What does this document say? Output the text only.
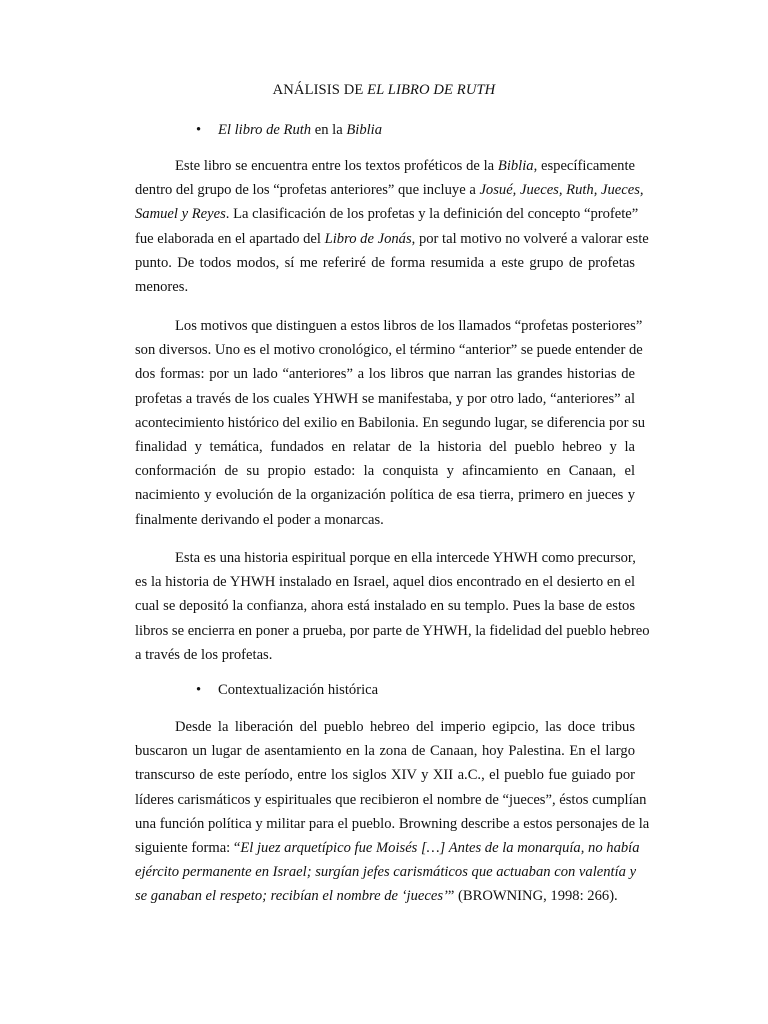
ANÁLISIS DE EL LIBRO DE RUTH
•	El libro de Ruth en la Biblia
Este libro se encuentra entre los textos proféticos de la Biblia, específicamente
dentro del grupo de los “profetas anteriores” que incluye a Josué, Jueces, Ruth, Jueces,
Samuel y Reyes. La clasificación de los profetas y la definición del concepto “profete”
fue elaborada en el apartado del Libro de Jonás, por tal motivo no volveré a valorar este
punto. De todos modos, sí me referiré de forma resumida a este grupo de profetas
menores.
Los motivos que distinguen a estos libros de los llamados “profetas posteriores”
son diversos. Uno es el motivo cronológico, el término “anterior” se puede entender de
dos formas: por un lado “anteriores” a los libros que narran las grandes historias de
profetas a través de los cuales YHWH se manifestaba, y por otro lado, “anteriores” al
acontecimiento histórico del exilio en Babilonia. En segundo lugar, se diferencia por su
finalidad y temática, fundados en relatar de la historia del pueblo hebreo y la
conformación de su propio estado: la conquista y afincamiento en Canaan, el
nacimiento y evolución de la organización política de esa tierra, primero en jueces y
finalmente derivando el poder a monarcas.
Esta es una historia espiritual porque en ella intercede YHWH como precursor,
es la historia de YHWH instalado en Israel, aquel dios encontrado en el desierto en el
cual se depositó la confianza, ahora está instalado en su templo. Pues la base de estos
libros se encierra en poner a prueba, por parte de YHWH, la fidelidad del pueblo hebreo
a través de los profetas.
•	Contextualización histórica
Desde la liberación del pueblo hebreo del imperio egipcio, las doce tribus
buscaron un lugar de asentamiento en la zona de Canaan, hoy Palestina. En el largo
transcurso de este período, entre los siglos XIV y XII a.C., el pueblo fue guiado por
líderes carismáticos y espirituales que recibieron el nombre de “jueces”, éstos cumplían
una función política y militar para el pueblo. Browning describe a estos personajes de la
siguiente forma: “El juez arquetípico fue Moisés […] Antes de la monarquía, no había
ejército permanente en Israel; surgían jefes carismáticos que actuaban con valentía y
se ganaban el respeto; recibían el nombre de ‘jueces’” (BROWNING, 1998: 266).
